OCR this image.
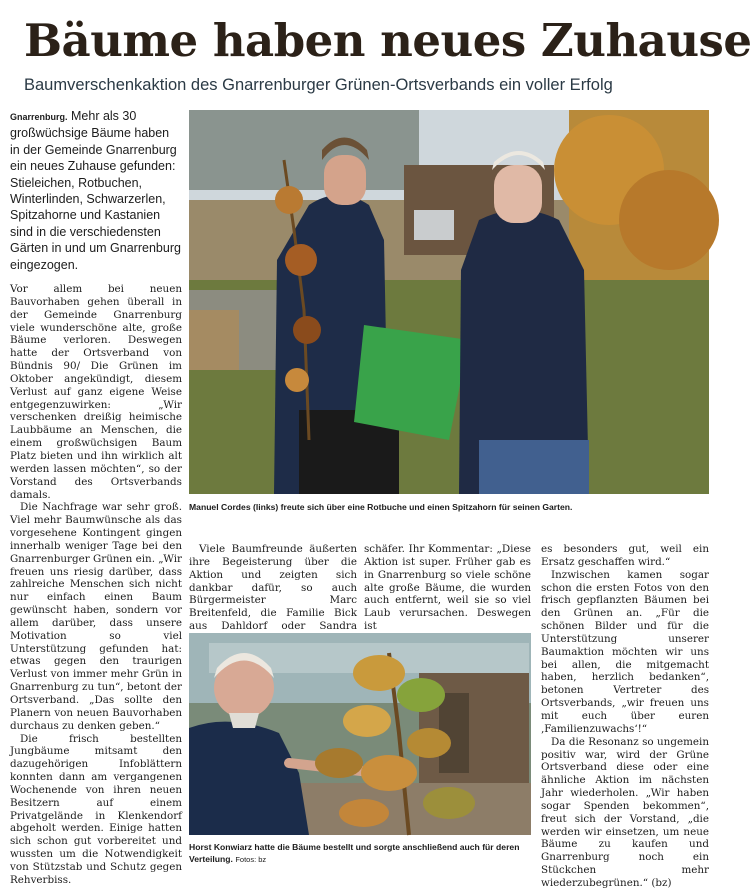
Bäume haben neues Zuhause
Baumverschenkaktion des Gnarrenburger Grünen-Ortsverbands ein voller Erfolg
Gnarrenburg. Mehr als 30 großwüchsige Bäume haben in der Gemeinde Gnarrenburg ein neues Zuhause gefunden: Stieleichen, Rotbuchen, Winterlinden, Schwarzerlen, Spitzahorne und Kastanien sind in die verschiedensten Gärten in und um Gnarrenburg eingezogen.

Vor allem bei neuen Bauvorhaben gehen überall in der Gemeinde Gnarrenburg viele wunderschöne alte, große Bäume verloren. Deswegen hatte der Ortsverband von Bündnis 90/ Die Grünen im Oktober angekündigt, diesem Verlust auf ganz eigene Weise entgegenzuwirken: „Wir verschenken dreißig heimische Laubbäume an Menschen, die einem großwüchsigen Baum Platz bieten und ihn wirklich alt werden lassen möchten“, so der Vorstand des Ortsverbands damals.

Die Nachfrage war sehr groß. Viel mehr Baumwünsche als das vorgesehene Kontingent gingen innerhalb weniger Tage bei den Gnarrenburger Grünen ein. „Wir freuen uns riesig darüber, dass zahlreiche Menschen sich nicht nur einfach einen Baum gewünscht haben, sondern vor allem darüber, dass unsere Motivation so viel Unterstützung gefunden hat: etwas gegen den traurigen Verlust von immer mehr Grün in Gnarrenburg zu tun“, betont der Ortsverband. „Das sollte den Planern von neuen Bauvorhaben durchaus zu denken geben.“

Die frisch bestellten Jungbäume mitsamt den dazugehörigen Infoblättern konnten dann am vergangenen Wochenende von ihren neuen Besitzern auf einem Privatgelände in Klenkendorf abgeholt werden. Einige hatten sich schon gut vorbereitet und wussten um die Notwendigkeit von Stützstab und Schutz gegen Rehverbiss.

Manuel Cordes (links) freute sich über eine Rotbuche und einen Spitzahorn für seinen Garten.

Viele Baumfreunde äußerten ihre Begeisterung über die Aktion und zeigten sich dankbar dafür, so auch Bürgermeister Marc Breitenfeld, die Familie Bick aus Dahldorf oder Sandra

schäfer. Ihr Kommentar: „Diese Aktion ist super. Früher gab es in Gnarrenburg so viele schöne alte große Bäume, die wurden auch entfernt, weil sie so viel Laub verursachen. Deswegen ist

Horst Konwiarz hatte die Bäume bestellt und sorgte anschließend auch für deren Verteilung. Fotos: bz

es besonders gut, weil ein Ersatz geschaffen wird.“

Inzwischen kamen sogar schon die ersten Fotos von den frisch gepflanzten Bäumen bei den Grünen an. „Für die schönen Bilder und für die Unterstützung unserer Baumaktion möchten wir uns bei allen, die mitgemacht haben, herzlich bedanken“, betonen Vertreter des Ortsverbands, „wir freuen uns mit euch über euren ‚Familienzuwachs‘!“

Da die Resonanz so ungemein positiv war, wird der Grüne Ortsverband diese oder eine ähnliche Aktion im nächsten Jahr wiederholen. „Wir haben sogar Spenden bekommen“, freut sich der Vorstand, „die werden wir einsetzen, um neue Bäume zu kaufen und Gnarrenburg noch ein Stückchen mehr wiederzubegrünen.“ (bz)
